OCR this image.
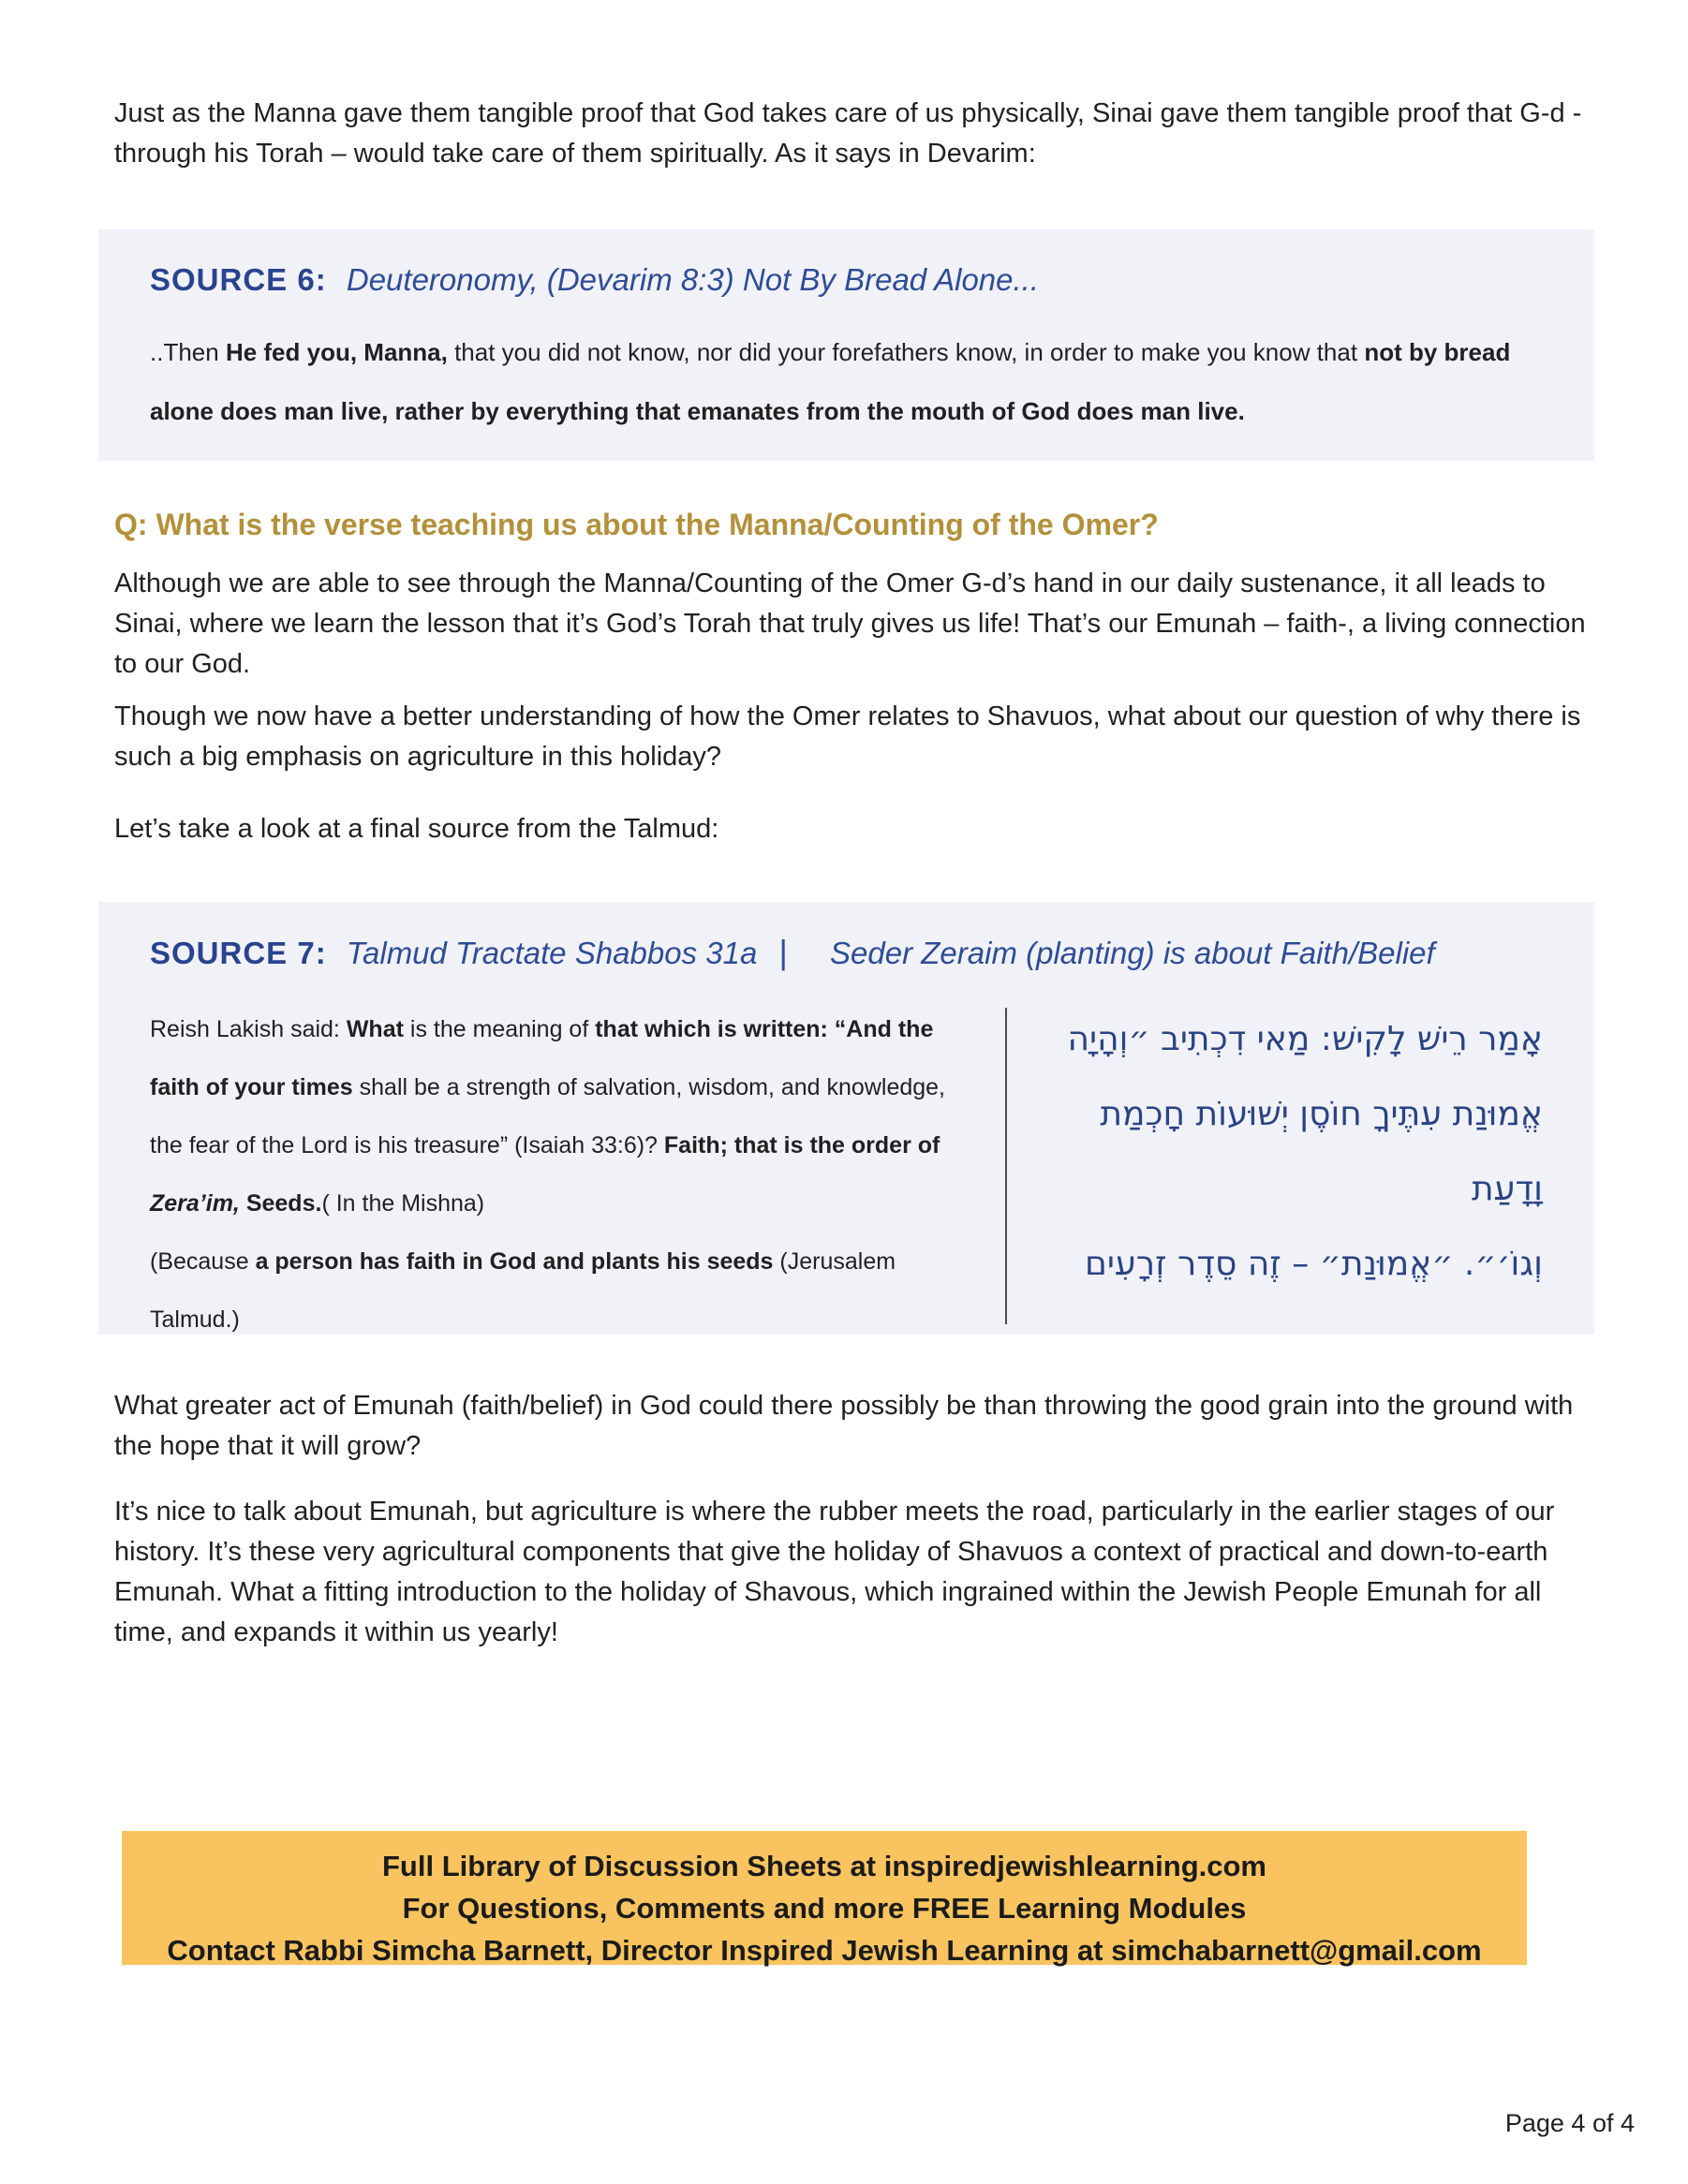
Just as the Manna gave them tangible proof that God takes care of us physically, Sinai gave them tangible proof that G-d - through his Torah – would take care of them spiritually. As it says in Devarim:

SOURCE 6: Deuteronomy, (Devarim 8:3) Not By Bread Alone...
..Then He fed you, Manna, that you did not know, nor did your forefathers know, in order to make you know that not by bread
alone does man live, rather by everything that emanates from the mouth of God does man live.
Q: What is the verse teaching us about the Manna/Counting of the Omer?

Although we are able to see through the Manna/Counting of the Omer G-d’s hand in our daily sustenance, it all leads to Sinai, where we learn the lesson that it’s God’s Torah that truly gives us life! That’s our Emunah – faith-, a living connection to our God.

Though we now have a better understanding of how the Omer relates to Shavuos, what about our question of why there is such a big emphasis on agriculture in this holiday?

Let’s take a look at a final source from the Talmud:

SOURCE 7: Talmud Tractate Shabbos 31a | Seder Zeraim (planting) is about Faith/Belief
Reish Lakish said: What is the meaning of that which is written: “And the
faith of your times shall be a strength of salvation, wisdom, and knowledge,
the fear of the Lord is his treasure” (Isaiah 33:6)? Faith; that is the order of
Zera’im, Seeds.( In the Mishna)
(Because a person has faith in God and plants his seeds (Jerusalem Talmud.)
אָמַר רֵישׁ לָקִישׁ: מַאי דִכְתִיב ״וְהָיָה
אֱמוּנַת עִתֶּיךָ חוֹסֶן יְשׁוּעוֹת חָכְמַת וָדָעַת
וְגוֹ׳״. ״אֱמוּנַת״ – זֶה סֵדֶר זְרָעִים

What greater act of Emunah (faith/belief) in God could there possibly be than throwing the good grain into the ground with the hope that it will grow?

It’s nice to talk about Emunah, but agriculture is where the rubber meets the road, particularly in the earlier stages of our history. It’s these very agricultural components that give the holiday of Shavuos a context of practical and down-to-earth Emunah. What a fitting introduction to the holiday of Shavous, which ingrained within the Jewish People Emunah for all time, and expands it within us yearly!

Full Library of Discussion Sheets at inspiredjewishlearning.com
For Questions, Comments and more FREE Learning Modules
Contact Rabbi Simcha Barnett, Director Inspired Jewish Learning at simchabarnett@gmail.com
Page 4 of 4
